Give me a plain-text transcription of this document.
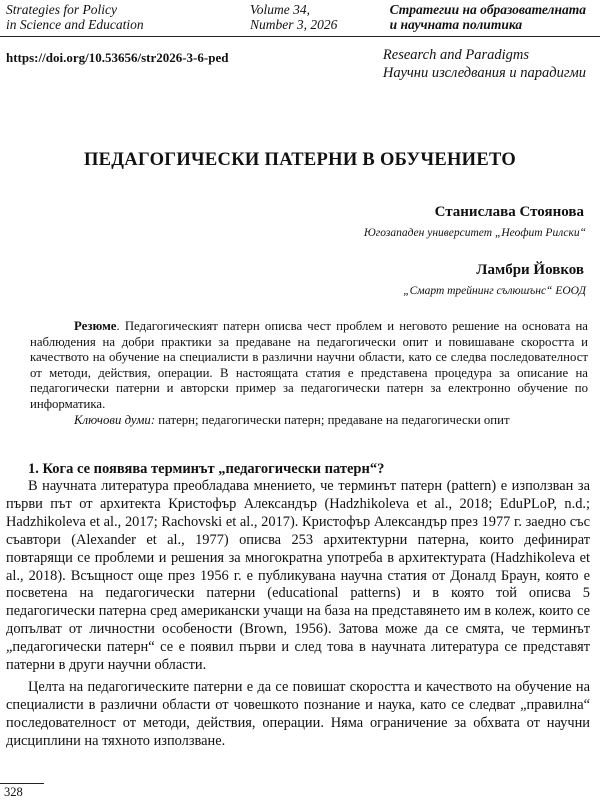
Strategies for Policy
in Science and Education
Volume 34,
Number 3, 2026
Стратегии на образователната
и научната политика
https://doi.org/10.53656/str2026-3-6-ped	Research and Paradigms
Научни изследвания и парадигми
ПЕДАГОГИЧЕСКИ ПАТЕРНИ В ОБУЧЕНИЕТО
Станислава Стоянова
Югозападен университет „Неофит Рилски“
Ламбри Йовков
„Смарт трейнинг сълюшънс“ ЕООД

Резюме. Педагогическият патерн описва чест проблем и неговото решение на основата на наблюдения на добри практики за предаване на педагогически опит и повишаване скоростта и качеството на обучение на специалисти в различни научни области, като се следва последователност от методи, действия, операции. В настоящата статия е представена процедура за описание на педагогически патерни и авторски пример за педагогически патерн за електронно обучение по информатика.

Ключови думи: патерн; педагогически патерн; предаване на педагогически опит

1. Кога се появява терминът „педагогически патерн“?

В научната литература преобладава мнението, че терминът патерн (pattern) е използван за първи път от архитекта Кристофър Александър (Hadzhikoleva et al., 2018; EduPLoP, n.d.; Hadzhikoleva et al., 2017; Rachovski et al., 2017). Кристофър Александър през 1977 г. заедно със съавтори (Alexander et al., 1977) описва 253 архитектурни патерна, които дефинират повтарящи се проблеми и решения за многократна употреба в архитектурата (Hadzhikoleva et al., 2018). Всъщност още през 1956 г. е публикувана научна статия от Доналд Браун, която е посветена на педагогически патерни (educational patterns) и в която той описва 5 педагогически патерна сред американски учащи на база на представянето им в колеж, които се допълват от личностни особености (Brown, 1956). Затова може да се смята, че терминът „педагогически патерн“ се е появил първи и след това в научната литература се представят патерни в други научни области.

Целта на педагогическите патерни е да се повишат скоростта и качеството на обучение на специалисти в различни области от човешкото познание и наука, като се следват „правилна“ последователност от методи, действия, операции. Няма ограничение за обхвата от научни дисциплини на тяхното използване.

328
